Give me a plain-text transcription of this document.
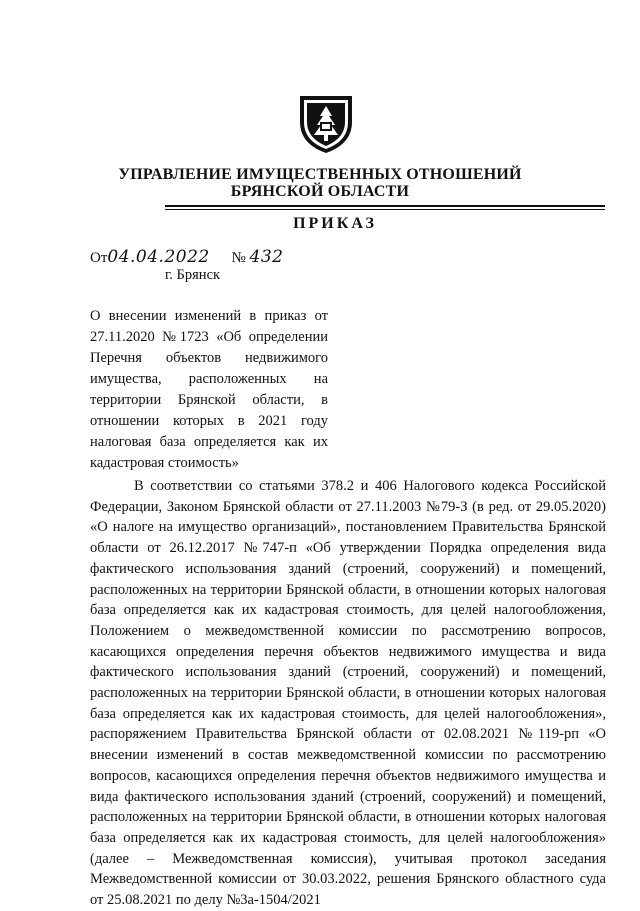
УПРАВЛЕНИЕ ИМУЩЕСТВЕННЫХ ОТНОШЕНИЙ
БРЯНСКОЙ ОБЛАСТИ
ПРИКАЗ
От04.04.2022 № 432
г. Брянск
О внесении изменений в приказ от 27.11.2020 №1723 «Об определении Перечня объектов недвижимого имущества, расположенных на территории Брянской области, в отношении которых в 2021 году налоговая база определяется как их кадастровая стоимость»

В соответствии со статьями 378.2 и 406 Налогового кодекса Российской Федерации, Законом Брянской области от 27.11.2003 №79-З (в ред. от 29.05.2020) «О налоге на имущество организаций», постановлением Правительства Брянской области от 26.12.2017 №747-п «Об утверждении Порядка определения вида фактического использования зданий (строений, сооружений) и помещений, расположенных на территории Брянской области, в отношении которых налоговая база определяется как их кадастровая стоимость, для целей налогообложения, Положением о межведомственной комиссии по рассмотрению вопросов, касающихся определения перечня объектов недвижимого имущества и вида фактического использования зданий (строений, сооружений) и помещений, расположенных на территории Брянской области, в отношении которых налоговая база определяется как их кадастровая стоимость, для целей налогообложения», распоряжением Правительства Брянской области от 02.08.2021 №119-рп «О внесении изменений в состав межведомственной комиссии по рассмотрению вопросов, касающихся определения перечня объектов недвижимого имущества и вида фактического использования зданий (строений, сооружений) и помещений, расположенных на территории Брянской области, в отношении которых налоговая база определяется как их кадастровая стоимость, для целей налогообложения» (далее – Межведомственная комиссия), учитывая протокол заседания Межведомственной комиссии от 30.03.2022, решения Брянского областного суда от 25.08.2021 по делу №3а-1504/2021
